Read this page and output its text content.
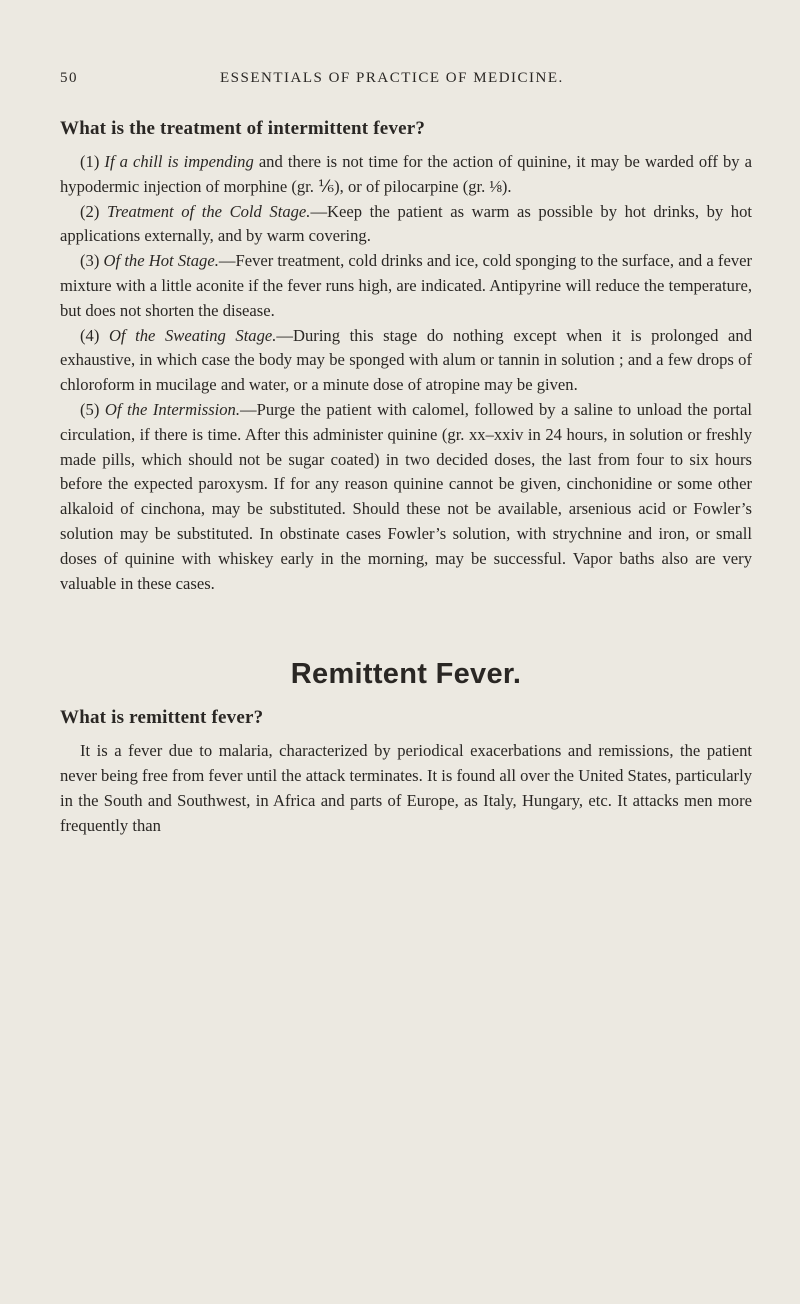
50	ESSENTIALS OF PRACTICE OF MEDICINE.
What is the treatment of intermittent fever?

(1) If a chill is impending and there is not time for the action of quinine, it may be warded off by a hypodermic injection of morphine (gr. ⅙), or of pilocarpine (gr. ⅛).

(2) Treatment of the Cold Stage.—Keep the patient as warm as possible by hot drinks, by hot applications externally, and by warm covering.

(3) Of the Hot Stage.—Fever treatment, cold drinks and ice, cold sponging to the surface, and a fever mixture with a little aconite if the fever runs high, are indicated. Antipyrine will reduce the temperature, but does not shorten the disease.

(4) Of the Sweating Stage.—During this stage do nothing except when it is prolonged and exhaustive, in which case the body may be sponged with alum or tannin in solution ; and a few drops of chloroform in mucilage and water, or a minute dose of atropine may be given.

(5) Of the Intermission.—Purge the patient with calomel, followed by a saline to unload the portal circulation, if there is time. After this administer quinine (gr. xx–xxiv in 24 hours, in solution or freshly made pills, which should not be sugar coated) in two decided doses, the last from four to six hours before the expected paroxysm. If for any reason quinine cannot be given, cinchonidine or some other alkaloid of cinchona, may be substituted. Should these not be available, arsenious acid or Fowler’s solution may be substituted. In obstinate cases Fowler’s solution, with strychnine and iron, or small doses of quinine with whiskey early in the morning, may be successful. Vapor baths also are very valuable in these cases.

Remittent Fever.
What is remittent fever?

It is a fever due to malaria, characterized by periodical exacerbations and remissions, the patient never being free from fever until the attack terminates. It is found all over the United States, particularly in the South and Southwest, in Africa and parts of Europe, as Italy, Hungary, etc. It attacks men more frequently than
